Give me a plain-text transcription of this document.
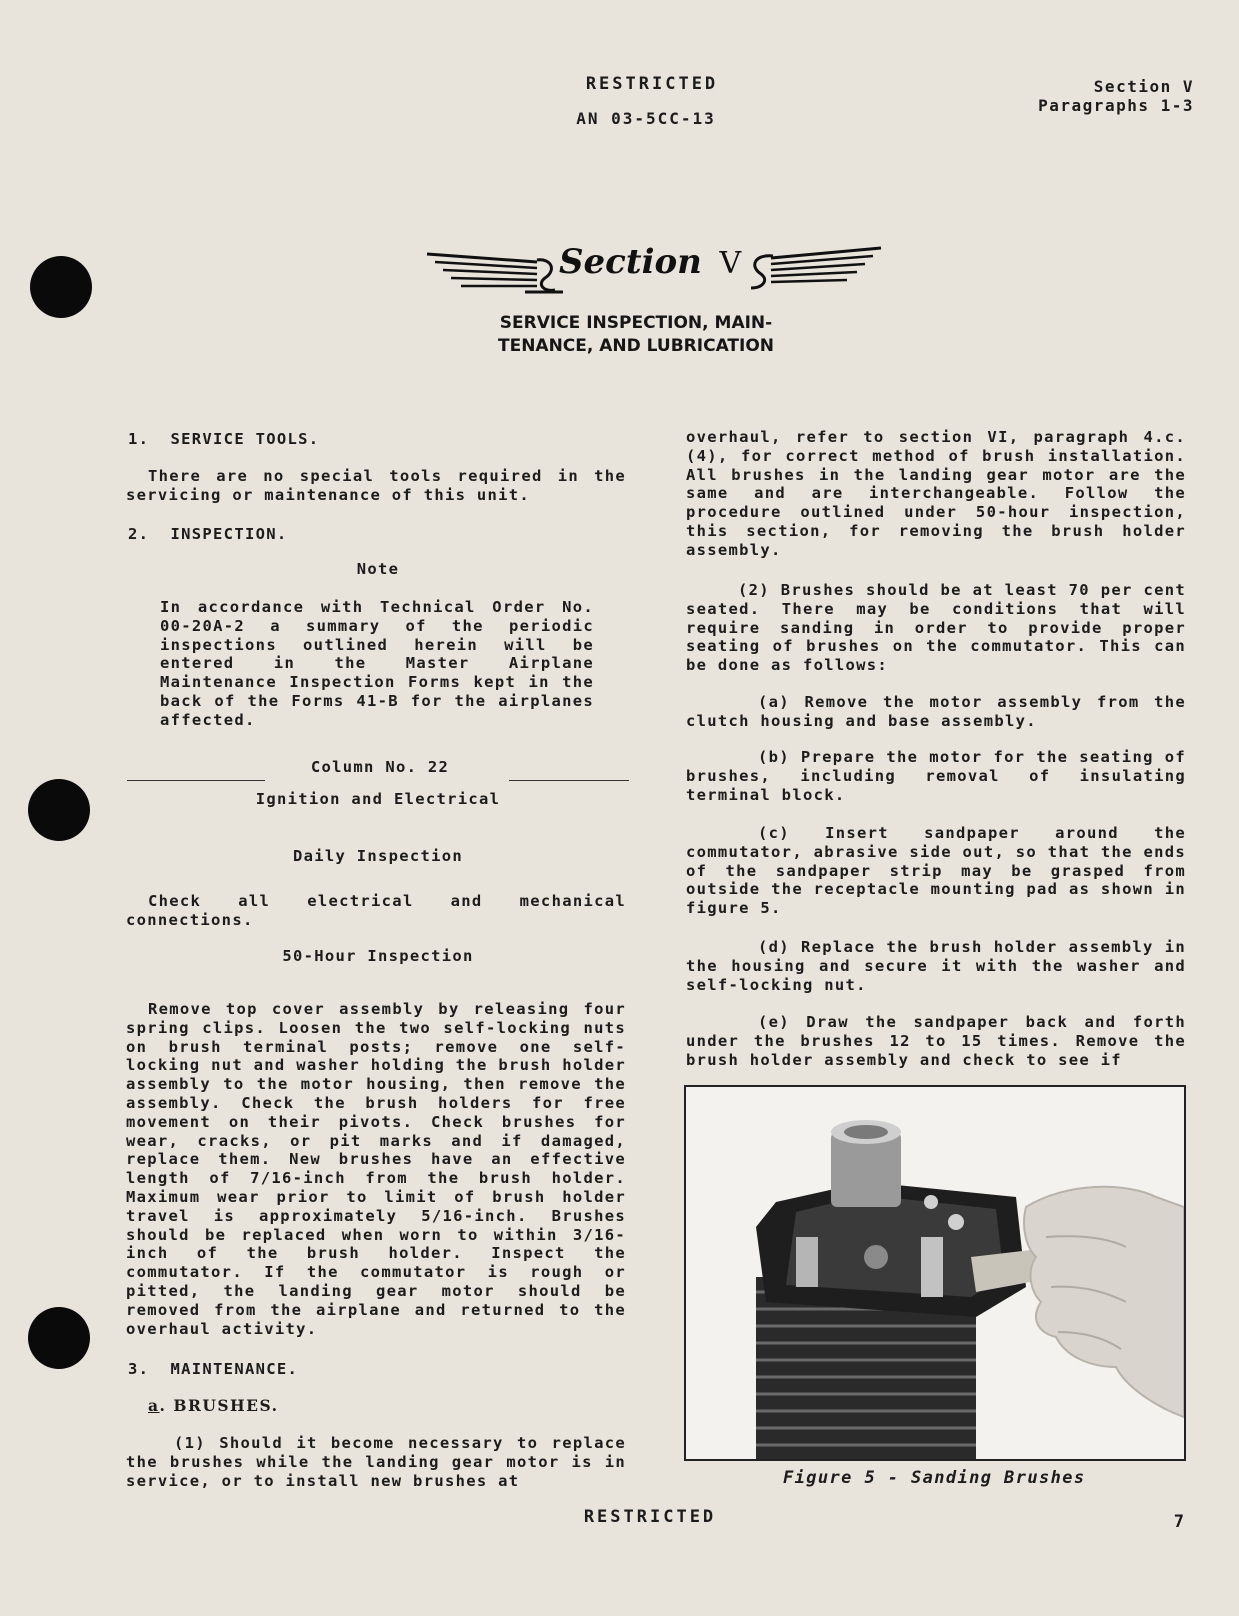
RESTRICTED
AN 03-5CC-13
Section V
Paragraphs 1-3
Section V
SERVICE INSPECTION, MAIN-
TENANCE, AND LUBRICATION
1.  SERVICE TOOLS.
There are no special tools required in the servicing or maintenance of this unit.
2.  INSPECTION.
Note
In accordance with Technical Order No. 00-20A-2 a summary of the periodic inspections outlined herein will be entered in the Master Airplane Maintenance Inspection Forms kept in the back of the Forms 41-B for the airplanes affected.
Column No. 22
Ignition and Electrical
Daily Inspection
Check all electrical and mechanical connections.
50-Hour Inspection
Remove top cover assembly by releasing four spring clips. Loosen the two self-locking nuts on brush terminal posts; remove one self-locking nut and washer holding the brush holder assembly to the motor housing, then remove the assembly. Check the brush holders for free movement on their pivots. Check brushes for wear, cracks, or pit marks and if damaged, replace them. New brushes have an effective length of 7/16-inch from the brush holder. Maximum wear prior to limit of brush holder travel is approximately 5/16-inch. Brushes should be replaced when worn to within 3/16-inch of the brush holder. Inspect the commutator. If the commutator is rough or pitted, the landing gear motor should be removed from the airplane and returned to the overhaul activity.
3.  MAINTENANCE.
a. BRUSHES.
(1) Should it become necessary to replace the brushes while the landing gear motor is in service, or to install new brushes at
overhaul, refer to section VI, paragraph 4.c. (4), for correct method of brush installation. All brushes in the landing gear motor are the same and are interchangeable. Follow the procedure outlined under 50-hour inspection, this section, for removing the brush holder assembly.
(2) Brushes should be at least 70 per cent seated. There may be conditions that will require sanding in order to provide proper seating of brushes on the commutator. This can be done as follows:
(a) Remove the motor assembly from the clutch housing and base assembly.
(b) Prepare the motor for the seating of brushes, including removal of insulating terminal block.
(c) Insert sandpaper around the commutator, abrasive side out, so that the ends of the sandpaper strip may be grasped from outside the receptacle mounting pad as shown in figure 5.
(d) Replace the brush holder assembly in the housing and secure it with the washer and self-locking nut.
(e) Draw the sandpaper back and forth under the brushes 12 to 15 times. Remove the brush holder assembly and check to see if
Figure 5 - Sanding Brushes
RESTRICTED	7
